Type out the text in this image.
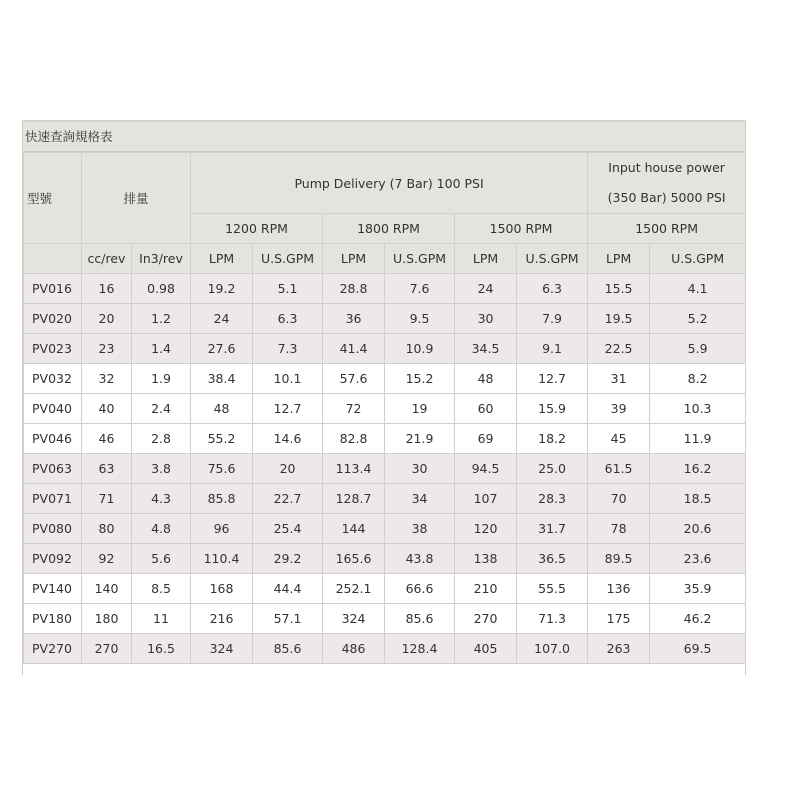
快速查詢規格表
型號	排量		Pump Delivery (7 Bar) 100 PSI						Input house power
(350 Bar) 5000 PSI	

			1200 RPM		1800 RPM		1500 RPM		1500 RPM	
	cc/rev	In3/rev	LPM	U.S.GPM	LPM	U.S.GPM	LPM	U.S.GPM	LPM	U.S.GPM
PV016	16	0.98	19.2	5.1	28.8	7.6	24	6.3	15.5	4.1
PV020	20	1.2	24	6.3	36	9.5	30	7.9	19.5	5.2
PV023	23	1.4	27.6	7.3	41.4	10.9	34.5	9.1	22.5	5.9
PV032	32	1.9	38.4	10.1	57.6	15.2	48	12.7	31	8.2
PV040	40	2.4	48	12.7	72	19	60	15.9	39	10.3
PV046	46	2.8	55.2	14.6	82.8	21.9	69	18.2	45	11.9
PV063	63	3.8	75.6	20	113.4	30	94.5	25.0	61.5	16.2
PV071	71	4.3	85.8	22.7	128.7	34	107	28.3	70	18.5
PV080	80	4.8	96	25.4	144	38	120	31.7	78	20.6
PV092	92	5.6	110.4	29.2	165.6	43.8	138	36.5	89.5	23.6
PV140	140	8.5	168	44.4	252.1	66.6	210	55.5	136	35.9
PV180	180	11	216	57.1	324	85.6	270	71.3	175	46.2
PV270	270	16.5	324	85.6	486	128.4	405	107.0	263	69.5
